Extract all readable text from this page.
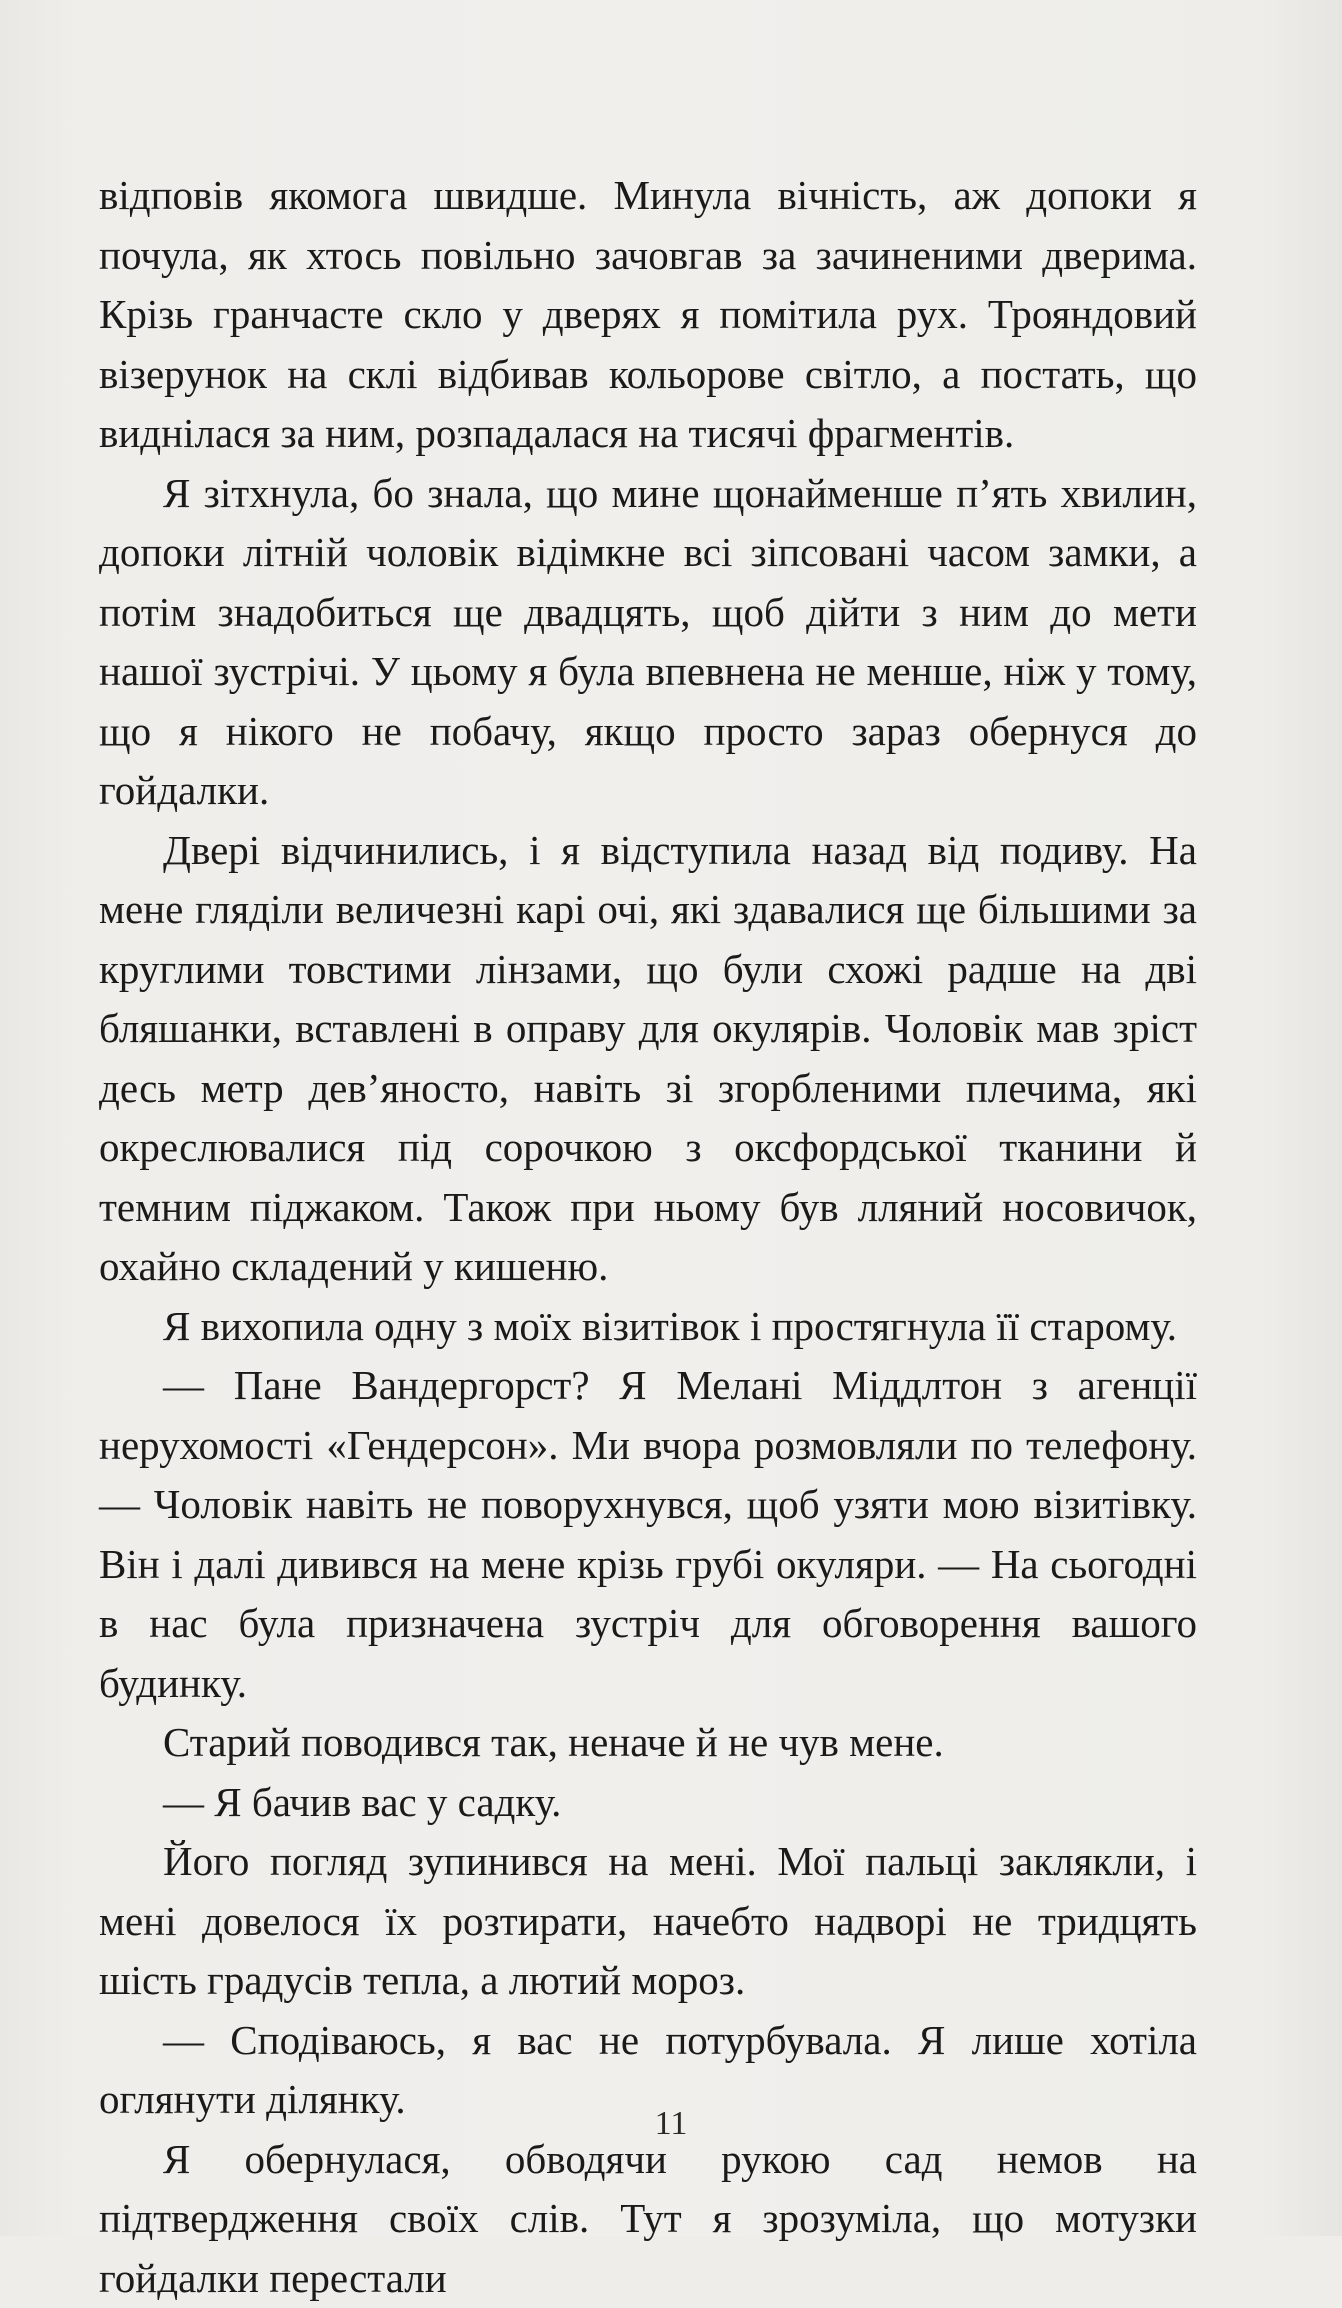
відповів якомога швидше. Минула вічність, аж допоки я почула, як хтось повільно зачовгав за зачиненими дверима. Крізь гранчасте скло у дверях я помітила рух. Трояндовий візерунок на склі відбивав кольорове світло, а постать, що виднілася за ним, розпадалася на тисячі фрагментів.

Я зітхнула, бо знала, що мине щонайменше п’ять хвилин, допоки літній чоловік відімкне всі зіпсовані часом замки, а потім знадобиться ще двадцять, щоб дійти з ним до мети нашої зустрічі. У цьому я була впевнена не менше, ніж у тому, що я нікого не побачу, якщо просто зараз обернуся до гойдалки.

Двері відчинились, і я відступила назад від подиву. На мене гляділи величезні карі очі, які здавалися ще більшими за круглими товстими лінзами, що були схожі радше на дві бляшанки, вставлені в оправу для окулярів. Чоловік мав зріст десь метр дев’яносто, навіть зі згорбленими плечима, які окреслювалися під сорочкою з оксфордської тканини й темним піджаком. Також при ньому був лляний носовичок, охайно складений у кишеню.

Я вихопила одну з моїх візитівок і простягнула її старому.

— Пане Вандергорст? Я Мелані Міддлтон з агенції нерухомості «Гендерсон». Ми вчора розмовляли по телефону. — Чоловік навіть не поворухнувся, щоб узяти мою візитівку. Він і далі дивився на мене крізь грубі окуляри. — На сьогодні в нас була призначена зустріч для обговорення вашого будинку.

Старий поводився так, неначе й не чув мене.

— Я бачив вас у садку.

Його погляд зупинився на мені. Мої пальці заклякли, і мені довелося їх розтирати, начебто надворі не тридцять шість градусів тепла, а лютий мороз.

— Сподіваюсь, я вас не потурбувала. Я лише хотіла оглянути ділянку.

Я обернулася, обводячи рукою сад немов на підтвердження своїх слів. Тут я зрозуміла, що мотузки гойдалки перестали

11
